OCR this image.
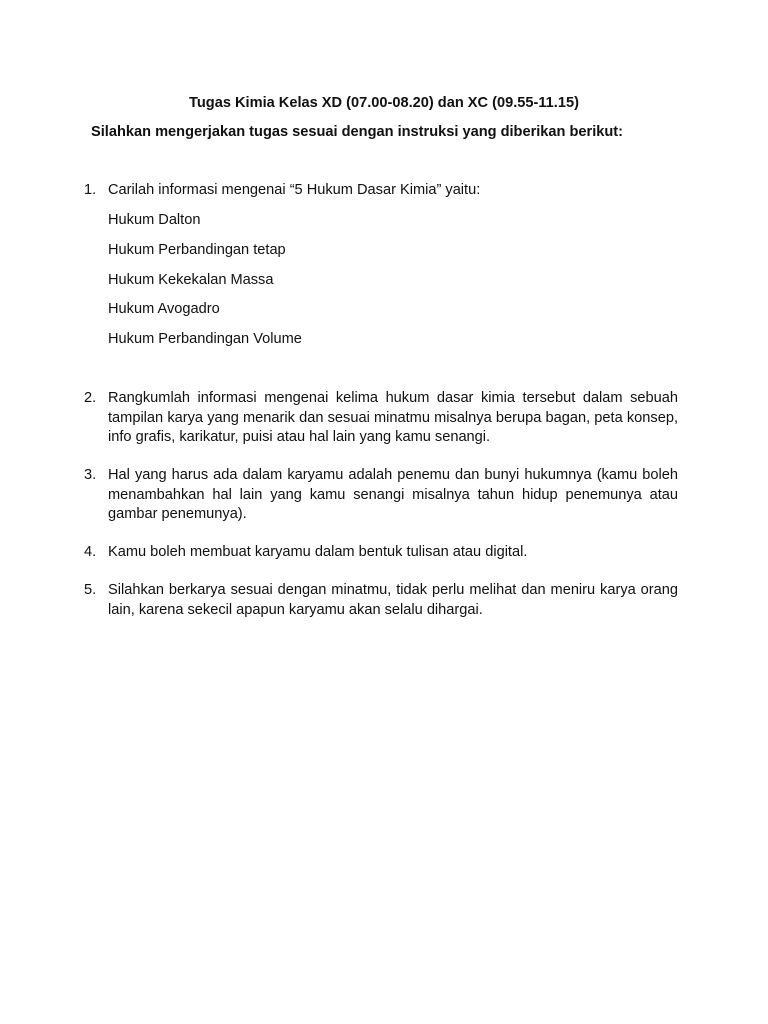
Tugas Kimia Kelas XD (07.00-08.20) dan XC (09.55-11.15)
Silahkan mengerjakan tugas sesuai dengan instruksi yang diberikan berikut:
1. Carilah informasi mengenai “5 Hukum Dasar Kimia” yaitu:
Hukum Dalton
Hukum Perbandingan tetap
Hukum Kekekalan Massa
Hukum Avogadro
Hukum Perbandingan Volume
2. Rangkumlah informasi mengenai kelima hukum dasar kimia tersebut dalam sebuah tampilan karya yang menarik dan sesuai minatmu misalnya berupa bagan, peta konsep, info grafis, karikatur, puisi atau hal lain yang kamu senangi.
3. Hal yang harus ada dalam karyamu adalah penemu dan bunyi hukumnya (kamu boleh menambahkan hal lain yang kamu senangi misalnya tahun hidup penemunya atau gambar penemunya).
4. Kamu boleh membuat karyamu dalam bentuk tulisan atau digital.
5. Silahkan berkarya sesuai dengan minatmu, tidak perlu melihat dan meniru karya orang lain, karena sekecil apapun karyamu akan selalu dihargai.
